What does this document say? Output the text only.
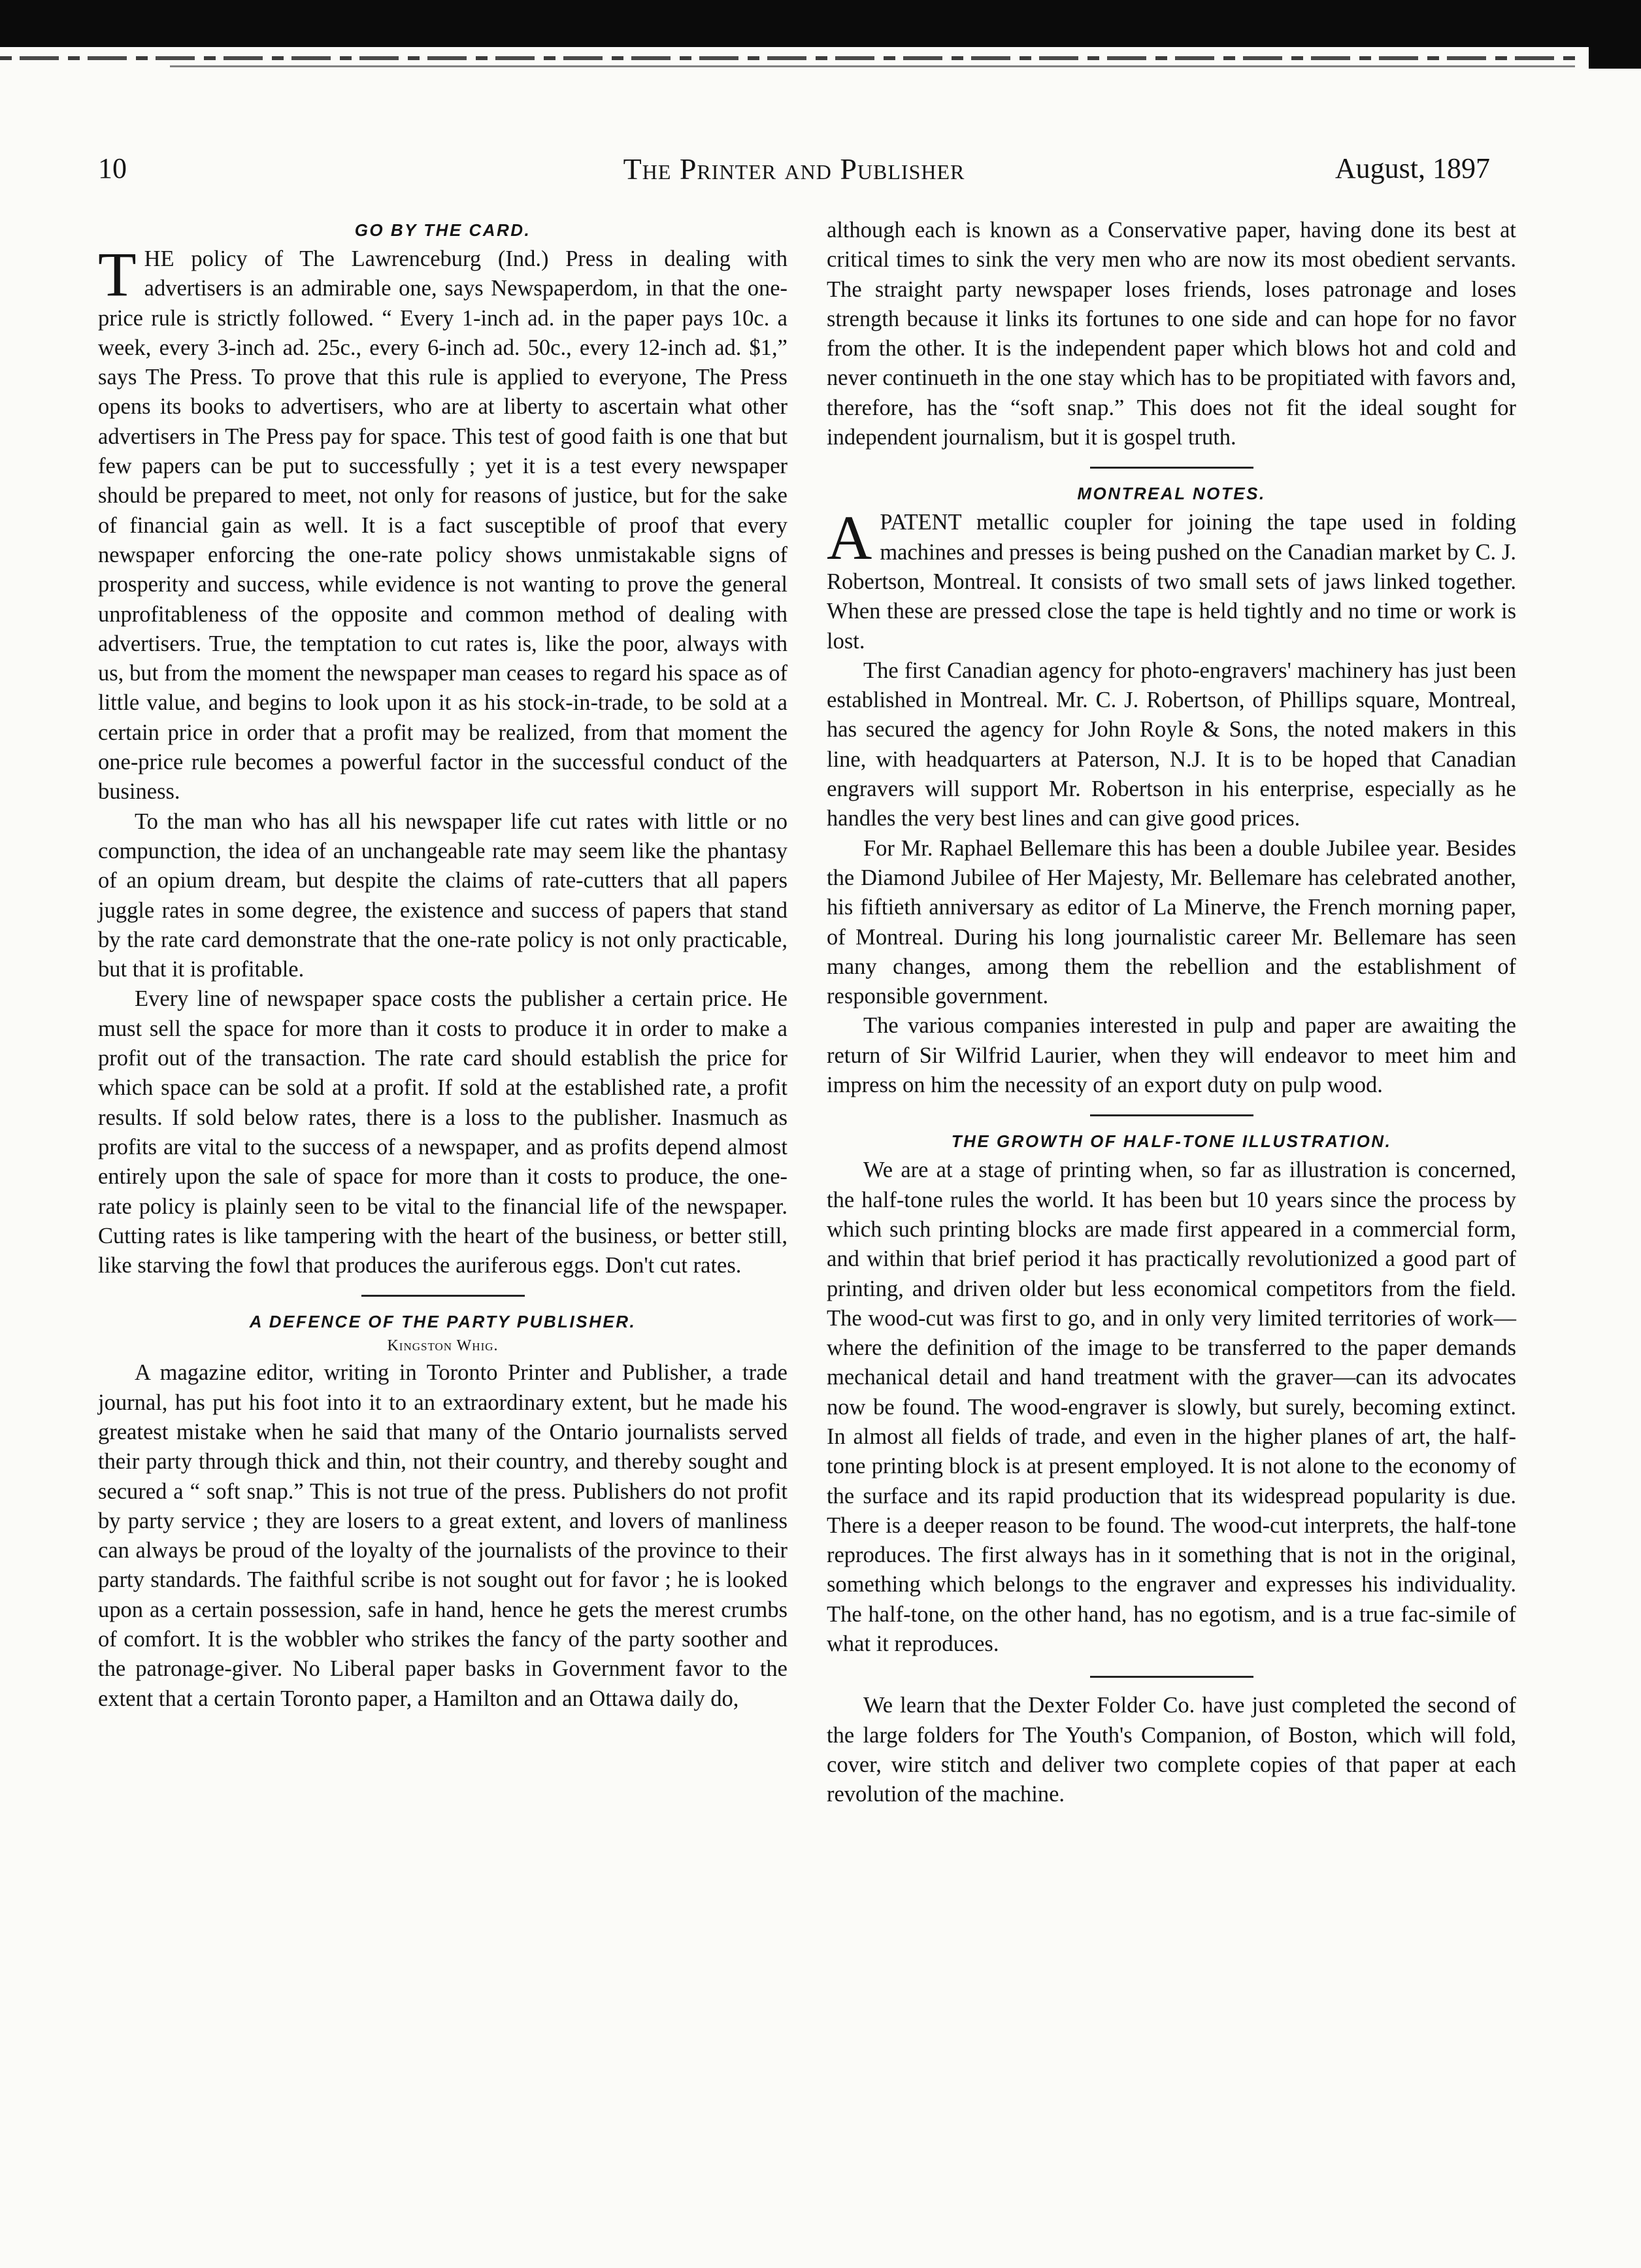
10	The Printer and Publisher	August, 1897
GO BY THE CARD.

THE policy of The Lawrenceburg (Ind.) Press in dealing with advertisers is an admirable one, says Newspaperdom, in that the one-price rule is strictly followed. “ Every 1-inch ad. in the paper pays 10c. a week, every 3-inch ad. 25c., every 6-inch ad. 50c., every 12-inch ad. $1,” says The Press. To prove that this rule is applied to everyone, The Press opens its books to advertisers, who are at liberty to ascertain what other advertisers in The Press pay for space. This test of good faith is one that but few papers can be put to successfully ; yet it is a test every newspaper should be prepared to meet, not only for reasons of justice, but for the sake of financial gain as well. It is a fact susceptible of proof that every newspaper enforcing the one-rate policy shows unmistakable signs of prosperity and success, while evidence is not wanting to prove the general unprofitableness of the opposite and common method of dealing with advertisers. True, the temptation to cut rates is, like the poor, always with us, but from the moment the newspaper man ceases to regard his space as of little value, and begins to look upon it as his stock-in-trade, to be sold at a certain price in order that a profit may be realized, from that moment the one-price rule becomes a powerful factor in the successful conduct of the business.

To the man who has all his newspaper life cut rates with little or no compunction, the idea of an unchangeable rate may seem like the phantasy of an opium dream, but despite the claims of rate-cutters that all papers juggle rates in some degree, the existence and success of papers that stand by the rate card demonstrate that the one-rate policy is not only practicable, but that it is profitable.

Every line of newspaper space costs the publisher a certain price. He must sell the space for more than it costs to produce it in order to make a profit out of the transaction. The rate card should establish the price for which space can be sold at a profit. If sold at the established rate, a profit results. If sold below rates, there is a loss to the publisher. Inasmuch as profits are vital to the success of a newspaper, and as profits depend almost entirely upon the sale of space for more than it costs to produce, the one-rate policy is plainly seen to be vital to the financial life of the newspaper. Cutting rates is like tampering with the heart of the business, or better still, like starving the fowl that produces the auriferous eggs. Don't cut rates.

A DEFENCE OF THE PARTY PUBLISHER.
Kingston Whig.

A magazine editor, writing in Toronto Printer and Publisher, a trade journal, has put his foot into it to an extraordinary extent, but he made his greatest mistake when he said that many of the Ontario journalists served their party through thick and thin, not their country, and thereby sought and secured a “ soft snap.” This is not true of the press. Publishers do not profit by party service ; they are losers to a great extent, and lovers of manliness can always be proud of the loyalty of the journalists of the province to their party standards. The faithful scribe is not sought out for favor ; he is looked upon as a certain possession, safe in hand, hence he gets the merest crumbs of comfort. It is the wobbler who strikes the fancy of the party soother and the patronage-giver. No Liberal paper basks in Government favor to the extent that a certain Toronto paper, a Hamilton and an Ottawa daily do,

although each is known as a Conservative paper, having done its best at critical times to sink the very men who are now its most obedient servants. The straight party newspaper loses friends, loses patronage and loses strength because it links its fortunes to one side and can hope for no favor from the other. It is the independent paper which blows hot and cold and never continueth in the one stay which has to be propitiated with favors and, therefore, has the “soft snap.” This does not fit the ideal sought for independent journalism, but it is gospel truth.

MONTREAL NOTES.

APATENT metallic coupler for joining the tape used in folding machines and presses is being pushed on the Canadian market by C. J. Robertson, Montreal. It consists of two small sets of jaws linked together. When these are pressed close the tape is held tightly and no time or work is lost.

The first Canadian agency for photo-engravers' machinery has just been established in Montreal. Mr. C. J. Robertson, of Phillips square, Montreal, has secured the agency for John Royle & Sons, the noted makers in this line, with headquarters at Paterson, N.J. It is to be hoped that Canadian engravers will support Mr. Robertson in his enterprise, especially as he handles the very best lines and can give good prices.

For Mr. Raphael Bellemare this has been a double Jubilee year. Besides the Diamond Jubilee of Her Majesty, Mr. Bellemare has celebrated another, his fiftieth anniversary as editor of La Minerve, the French morning paper, of Montreal. During his long journalistic career Mr. Bellemare has seen many changes, among them the rebellion and the establishment of responsible government.

The various companies interested in pulp and paper are awaiting the return of Sir Wilfrid Laurier, when they will endeavor to meet him and impress on him the necessity of an export duty on pulp wood.

THE GROWTH OF HALF-TONE ILLUSTRATION.

We are at a stage of printing when, so far as illustration is concerned, the half-tone rules the world. It has been but 10 years since the process by which such printing blocks are made first appeared in a commercial form, and within that brief period it has practically revolutionized a good part of printing, and driven older but less economical competitors from the field. The wood-cut was first to go, and in only very limited territories of work—where the definition of the image to be transferred to the paper demands mechanical detail and hand treatment with the graver—can its advocates now be found. The wood-engraver is slowly, but surely, becoming extinct. In almost all fields of trade, and even in the higher planes of art, the half-tone printing block is at present employed. It is not alone to the economy of the surface and its rapid production that its widespread popularity is due. There is a deeper reason to be found. The wood-cut interprets, the half-tone reproduces. The first always has in it something that is not in the original, something which belongs to the engraver and expresses his individuality. The half-tone, on the other hand, has no egotism, and is a true fac-simile of what it reproduces.

We learn that the Dexter Folder Co. have just completed the second of the large folders for The Youth's Companion, of Boston, which will fold, cover, wire stitch and deliver two complete copies of that paper at each revolution of the machine.
